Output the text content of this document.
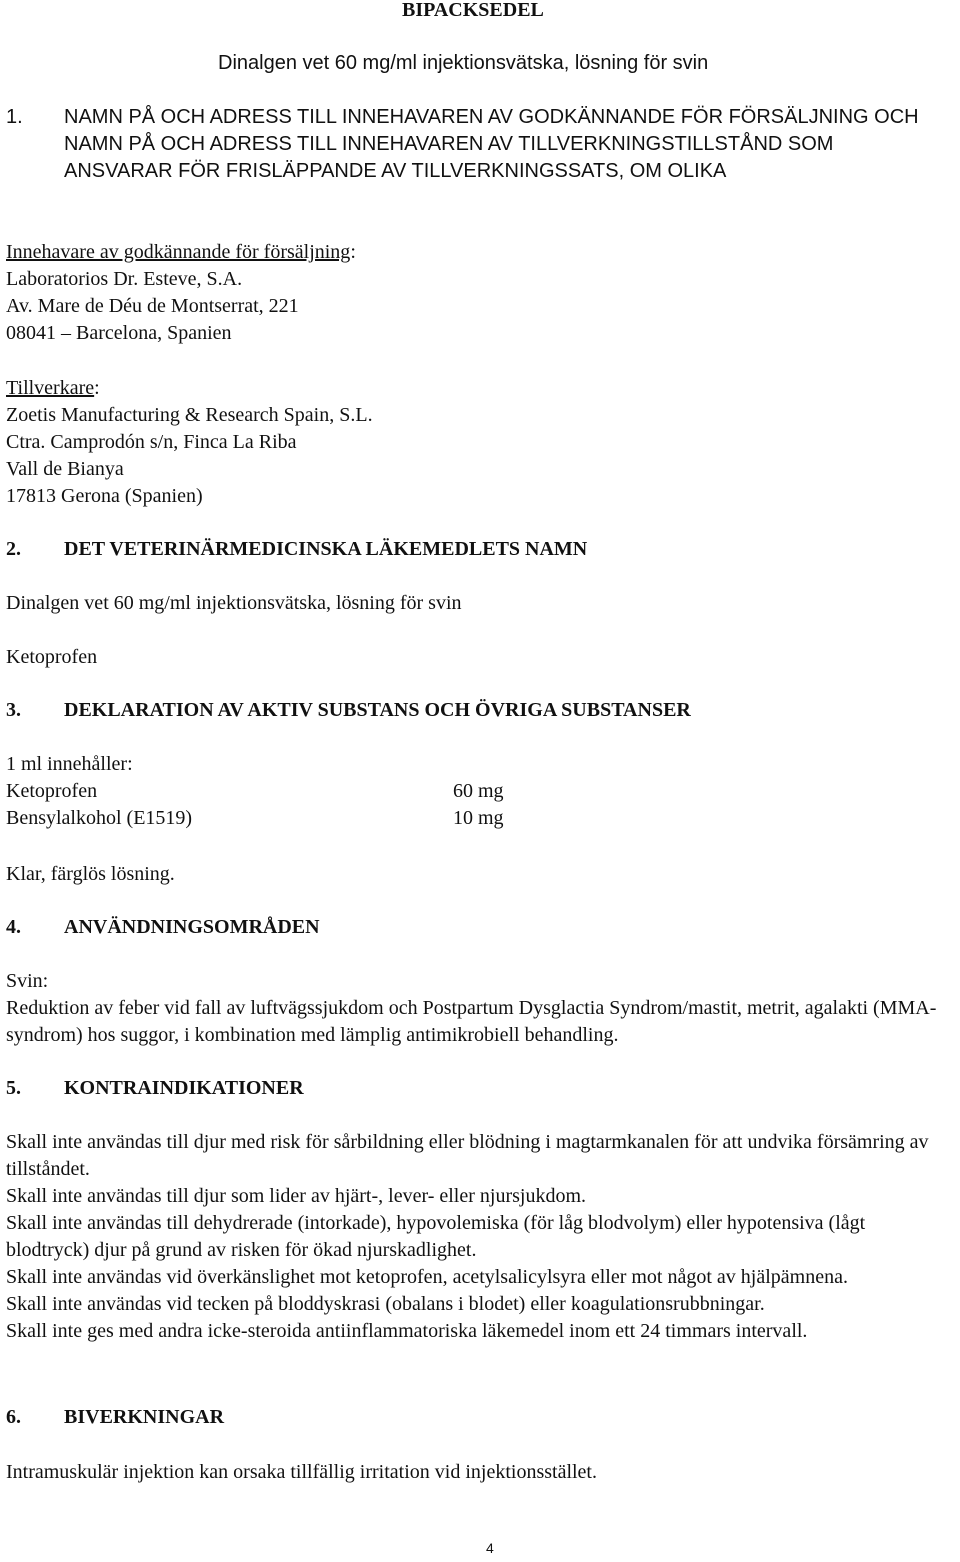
BIPACKSEDEL
Dinalgen vet 60 mg/ml injektionsvätska, lösning för svin
1.	NAMN PÅ OCH ADRESS TILL INNEHAVAREN AV GODKÄNNANDE FÖR FÖRSÄLJNING OCH NAMN PÅ OCH ADRESS TILL INNEHAVAREN AV TILLVERKNINGSTILLSTÅND SOM ANSVARAR FÖR FRISLÄPPANDE AV TILLVERKNINGSSATS, OM OLIKA
Innehavare av godkännande för försäljning:
Laboratorios Dr. Esteve, S.A.
Av. Mare de Déu de Montserrat, 221
08041 – Barcelona, Spanien
Tillverkare:
Zoetis Manufacturing & Research Spain, S.L.
Ctra. Camprodón s/n, Finca La Riba
Vall de Bianya
17813 Gerona (Spanien)
2. DET VETERINÄRMEDICINSKA LÄKEMEDLETS NAMN
Dinalgen vet 60 mg/ml injektionsvätska, lösning för svin
Ketoprofen
3. DEKLARATION AV AKTIV SUBSTANS OCH ÖVRIGA SUBSTANSER
1 ml innehåller:
Ketoprofen	60 mg
Bensylalkohol (E1519)	10 mg
Klar, färglös lösning.
4. ANVÄNDNINGSOMRÅDEN
Svin:
Reduktion av feber vid fall av luftvägssjukdom och Postpartum Dysglactia Syndrom/mastit, metrit, agalakti (MMA-syndrom) hos suggor, i kombination med lämplig antimikrobiell behandling.
5. KONTRAINDIKATIONER
Skall inte användas till djur med risk för sårbildning eller blödning i magtarmkanalen för att undvika försämring av tillståndet.
Skall inte användas till djur som lider av hjärt-, lever- eller njursjukdom.
Skall inte användas till dehydrerade (intorkade), hypovolemiska (för låg blodvolym) eller hypotensiva (lågt blodtryck) djur på grund av risken för ökad njurskadlighet.
Skall inte användas vid överkänslighet mot ketoprofen, acetylsalicylsyra eller mot något av hjälpämnena.
Skall inte användas vid tecken på bloddyskrasi (obalans i blodet) eller koagulationsrubbningar.
Skall inte ges med andra icke-steroida antiinflammatoriska läkemedel inom ett 24 timmars intervall.
6. BIVERKNINGAR
Intramuskulär injektion kan orsaka tillfällig irritation vid injektionsstället.
4
